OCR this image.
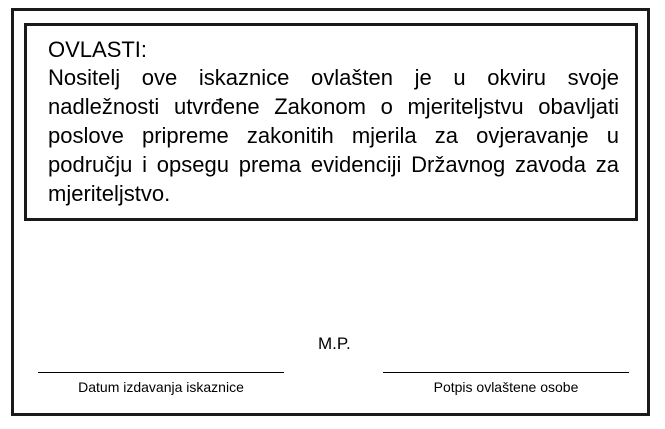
OVLASTI:

Nositelj ove iskaznice ovlašten je u okviru svoje nadležnosti utvrđene Zakonom o mjeriteljstvu obavljati poslove pripreme zakonitih mjerila za ovjeravanje u području i opsegu prema evidenciji Državnog zavoda za mjeriteljstvo.

M.P.
Datum izdavanja iskaznice	Potpis ovlaštene osobe
